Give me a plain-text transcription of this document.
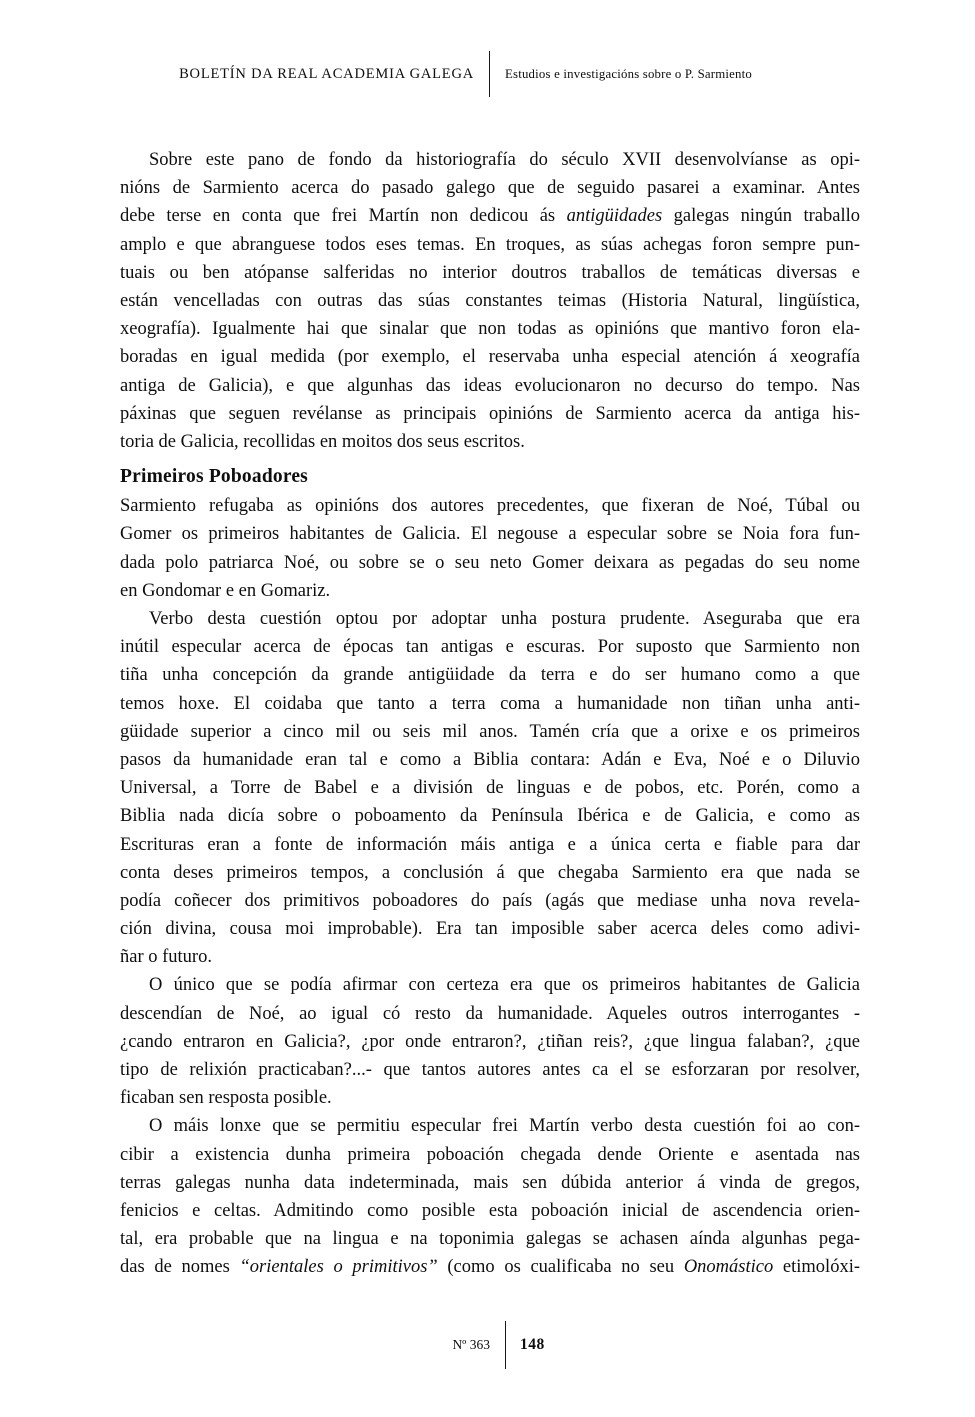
BOLETÍN DA REAL ACADEMIA GALEGA	Estudios e investigacións sobre o P. Sarmiento
Sobre este pano de fondo da historiografía do século XVII desenvolvíanse as opi-
nións de Sarmiento acerca do pasado galego que de seguido pasarei a examinar. Antes
debe terse en conta que frei Martín non dedicou ás antigüidades galegas ningún traballo
amplo e que abranguese todos eses temas. En troques, as súas achegas foron sempre pun-
tuais ou ben atópanse salferidas no interior doutros traballos de temáticas diversas e
están vencelladas con outras das súas constantes teimas (Historia Natural, lingüística,
xeografía). Igualmente hai que sinalar que non todas as opinións que mantivo foron ela-
boradas en igual medida (por exemplo, el reservaba unha especial atención á xeografía
antiga de Galicia), e que algunhas das ideas evolucionaron no decurso do tempo. Nas
páxinas que seguen revélanse as principais opinións de Sarmiento acerca da antiga his-
toria de Galicia, recollidas en moitos dos seus escritos.
Primeiros Poboadores
Sarmiento refugaba as opinións dos autores precedentes, que fixeran de Noé, Túbal ou
Gomer os primeiros habitantes de Galicia. El negouse a especular sobre se Noia fora fun-
dada polo patriarca Noé, ou sobre se o seu neto Gomer deixara as pegadas do seu nome
en Gondomar e en Gomariz.
Verbo desta cuestión optou por adoptar unha postura prudente. Aseguraba que era
inútil especular acerca de épocas tan antigas e escuras. Por suposto que Sarmiento non
tiña unha concepción da grande antigüidade da terra e do ser humano como a que
temos hoxe. El coidaba que tanto a terra coma a humanidade non tiñan unha anti-
güidade superior a cinco mil ou seis mil anos. Tamén cría que a orixe e os primeiros
pasos da humanidade eran tal e como a Biblia contara: Adán e Eva, Noé e o Diluvio
Universal, a Torre de Babel e a división de linguas e de pobos, etc. Porén, como a
Biblia nada dicía sobre o poboamento da Península Ibérica e de Galicia, e como as
Escrituras eran a fonte de información máis antiga e a única certa e fiable para dar
conta deses primeiros tempos, a conclusión á que chegaba Sarmiento era que nada se
podía coñecer dos primitivos poboadores do país (agás que mediase unha nova revela-
ción divina, cousa moi improbable). Era tan imposible saber acerca deles como adivi-
ñar o futuro.
O único que se podía afirmar con certeza era que os primeiros habitantes de Galicia
descendían de Noé, ao igual có resto da humanidade. Aqueles outros interrogantes -
¿cando entraron en Galicia?, ¿por onde entraron?, ¿tiñan reis?, ¿que lingua falaban?, ¿que
tipo de relixión practicaban?...- que tantos autores antes ca el se esforzaran por resolver,
ficaban sen resposta posible.
O máis lonxe que se permitiu especular frei Martín verbo desta cuestión foi ao con-
cibir a existencia dunha primeira poboación chegada dende Oriente e asentada nas
terras galegas nunha data indeterminada, mais sen dúbida anterior á vinda de gregos,
fenicios e celtas. Admitindo como posible esta poboación inicial de ascendencia orien-
tal, era probable que na lingua e na toponimia galegas se achasen aínda algunhas pega-
das de nomes “orientales o primitivos” (como os cualificaba no seu Onomástico etimolóxi-
Nº 363	148
